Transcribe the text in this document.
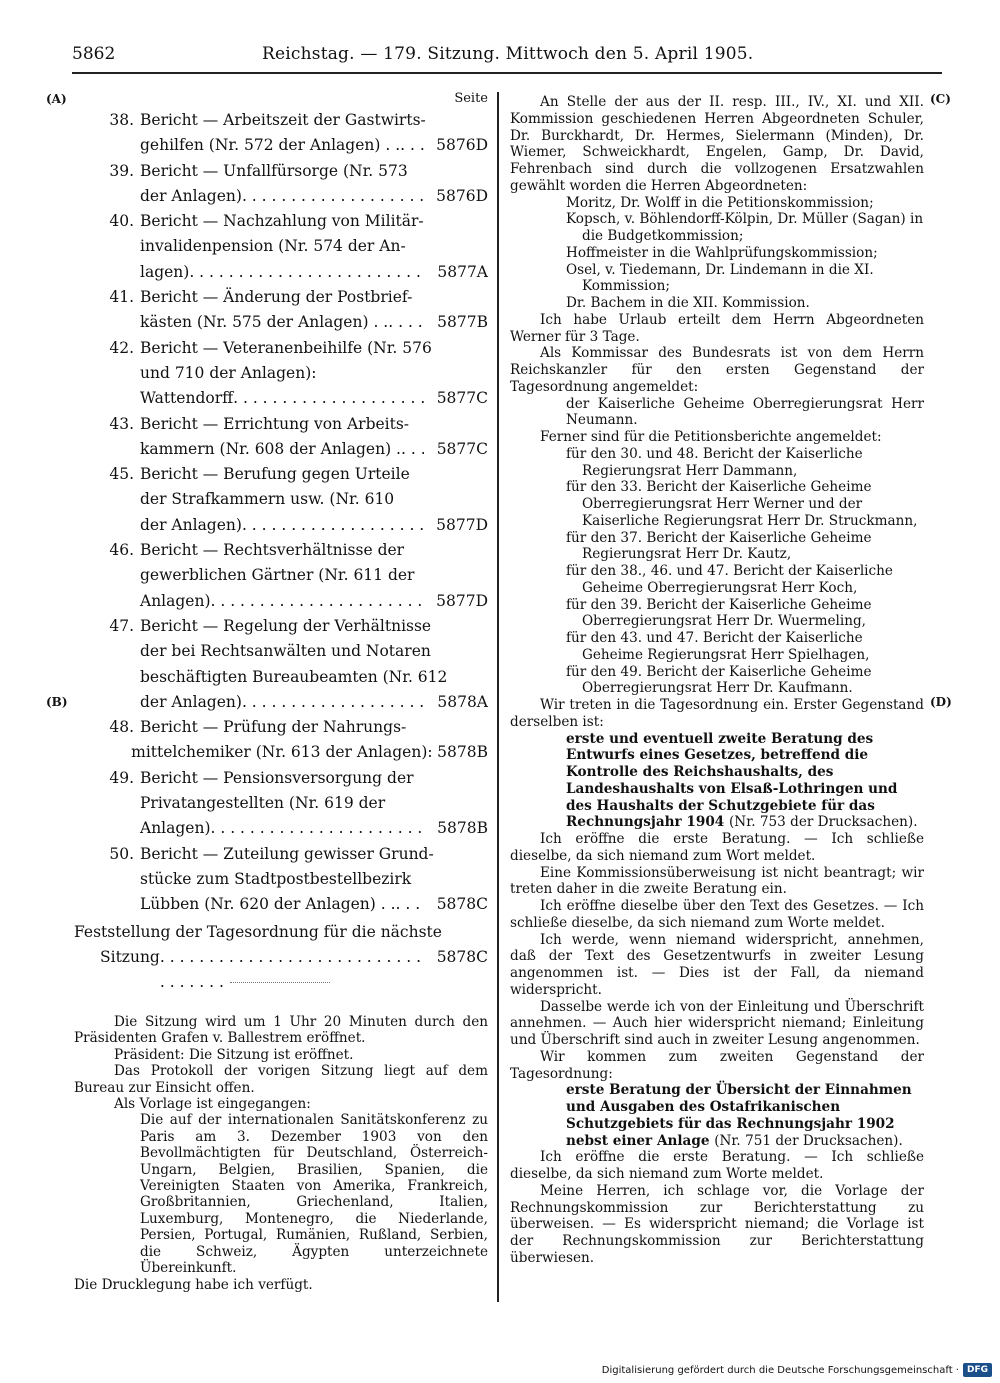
5862	Reichstag. — 179. Sitzung. Mittwoch den 5. April 1905.
(A)
(B)
(C)
(D)
Seite
38. Bericht — Arbeitszeit der Gastwirts-
gehilfen (Nr. 572 der Anlagen) . . . . .	5876D
39. Bericht — Unfallfürsorge (Nr. 573
der Anlagen) . . .	5876D
40. Bericht — Nachzahlung von Militär-
invalidenpension (Nr. 574 der An-
lagen) . . .	5877A
41. Bericht — Änderung der Postbrief-
kästen (Nr. 575 der Anlagen) . . . . .	5877B
42. Bericht — Veteranenbeihilfe (Nr. 576
und 710 der Anlagen):
Wattendorff . . .	5877C
43. Bericht — Errichtung von Arbeits-
kammern (Nr. 608 der Anlagen) . . . .	5877C
45. Bericht — Berufung gegen Urteile
der Strafkammern usw. (Nr. 610
der Anlagen) . . .	5877D
46. Bericht — Rechtsverhältnisse der
gewerblichen Gärtner (Nr. 611 der
Anlagen) . . .	5877D
47. Bericht — Regelung der Verhältnisse
der bei Rechtsanwälten und Notaren
beschäftigten Bureaubeamten (Nr. 612
der Anlagen) . . .	5878A
48. Bericht — Prüfung der Nahrungs-
mittelchemiker (Nr. 613 der Anlagen): 5878B
49. Bericht — Pensionsversorgung der
Privatangestellten (Nr. 619 der
Anlagen) . . .	5878B
50. Bericht — Zuteilung gewisser Grund-
stücke zum Stadtpostbestellbezirk
Lübben (Nr. 620 der Anlagen) . . . . .	5878C
Feststellung der Tagesordnung für die nächste
Sitzung . . .	5878C

Die Sitzung wird um 1 Uhr 20 Minuten durch den Präsidenten Grafen v. Ballestrem eröffnet.

Präsident: Die Sitzung ist eröffnet.

Das Protokoll der vorigen Sitzung liegt auf dem Bureau zur Einsicht offen.

Als Vorlage ist eingegangen:

Die auf der internationalen Sanitätskonferenz zu Paris am 3. Dezember 1903 von den Bevollmächtigten für Deutschland, Österreich-Ungarn, Belgien, Brasilien, Spanien, die Vereinigten Staaten von Amerika, Frankreich, Großbritannien, Griechenland, Italien, Luxemburg, Montenegro, die Niederlande, Persien, Portugal, Rumänien, Rußland, Serbien, die Schweiz, Ägypten unterzeichnete Übereinkunft.

Die Drucklegung habe ich verfügt.

An Stelle der aus der II. resp. III., IV., XI. und XII. Kommission geschiedenen Herren Abgeordneten Schuler, Dr. Burckhardt, Dr. Hermes, Sielermann (Minden), Dr. Wiemer, Schweickhardt, Engelen, Gamp, Dr. David, Fehrenbach sind durch die vollzogenen Ersatzwahlen gewählt worden die Herren Abgeordneten:

Moritz, Dr. Wolff in die Petitionskommission;

Kopsch, v. Böhlendorff-Kölpin, Dr. Müller (Sagan) in die Budgetkommission;

Hoffmeister in die Wahlprüfungskommission;

Osel, v. Tiedemann, Dr. Lindemann in die XI. Kommission;

Dr. Bachem in die XII. Kommission.

Ich habe Urlaub erteilt dem Herrn Abgeordneten Werner für 3 Tage.

Als Kommissar des Bundesrats ist von dem Herrn Reichskanzler für den ersten Gegenstand der Tagesordnung angemeldet:

der Kaiserliche Geheime Oberregierungsrat Herr Neumann.

Ferner sind für die Petitionsberichte angemeldet:

für den 30. und 48. Bericht der Kaiserliche Regierungsrat Herr Dammann,

für den 33. Bericht der Kaiserliche Geheime Oberregierungsrat Herr Werner und der Kaiserliche Regierungsrat Herr Dr. Struckmann,

für den 37. Bericht der Kaiserliche Geheime Regierungsrat Herr Dr. Kautz,

für den 38., 46. und 47. Bericht der Kaiserliche Geheime Oberregierungsrat Herr Koch,

für den 39. Bericht der Kaiserliche Geheime Oberregierungsrat Herr Dr. Wuermeling,

für den 43. und 47. Bericht der Kaiserliche Geheime Regierungsrat Herr Spielhagen,

für den 49. Bericht der Kaiserliche Geheime Oberregierungsrat Herr Dr. Kaufmann.

Wir treten in die Tagesordnung ein. Erster Gegenstand derselben ist:

erste und eventuell zweite Beratung des Entwurfs eines Gesetzes, betreffend die Kontrolle des Reichshaushalts, des Landeshaushalts von Elsaß-Lothringen und des Haushalts der Schutzgebiete für das Rechnungsjahr 1904 (Nr. 753 der Drucksachen).

Ich eröffne die erste Beratung. — Ich schließe dieselbe, da sich niemand zum Wort meldet.

Eine Kommissionsüberweisung ist nicht beantragt; wir treten daher in die zweite Beratung ein.

Ich eröffne dieselbe über den Text des Gesetzes. — Ich schließe dieselbe, da sich niemand zum Worte meldet.

Ich werde, wenn niemand widerspricht, annehmen, daß der Text des Gesetzentwurfs in zweiter Lesung angenommen ist. — Dies ist der Fall, da niemand widerspricht.

Dasselbe werde ich von der Einleitung und Überschrift annehmen. — Auch hier widerspricht niemand; Einleitung und Überschrift sind auch in zweiter Lesung angenommen.

Wir kommen zum zweiten Gegenstand der Tagesordnung:

erste Beratung der Übersicht der Einnahmen und Ausgaben des Ostafrikanischen Schutzgebiets für das Rechnungsjahr 1902 nebst einer Anlage (Nr. 751 der Drucksachen).

Ich eröffne die erste Beratung. — Ich schließe dieselbe, da sich niemand zum Worte meldet.

Meine Herren, ich schlage vor, die Vorlage der Rechnungskommission zur Berichterstattung zu überweisen. — Es widerspricht niemand; die Vorlage ist der Rechnungskommission zur Berichterstattung überwiesen.

Digitalisierung gefördert durch die Deutsche Forschungsgemeinschaft · DFG
